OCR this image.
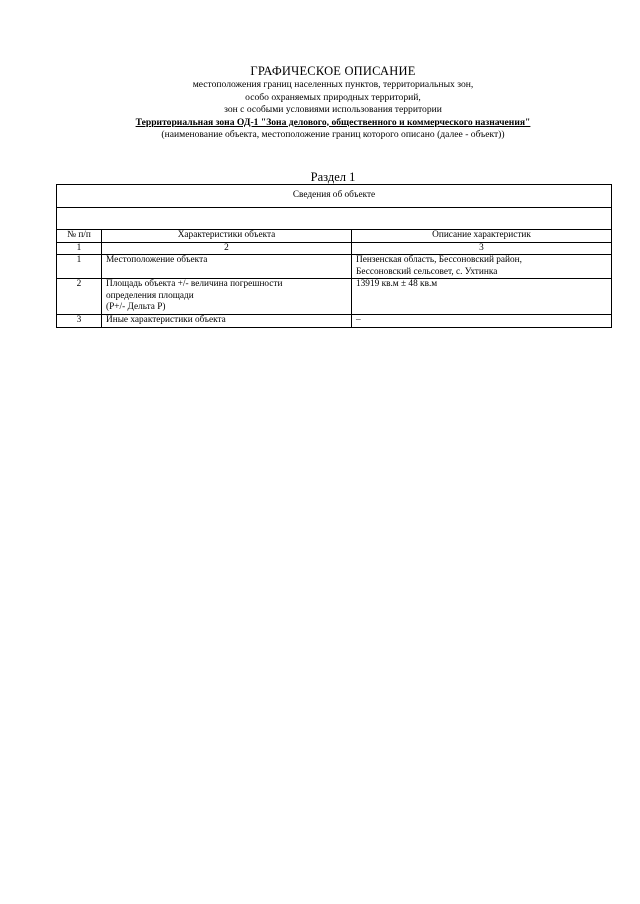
ГРАФИЧЕСКОЕ ОПИСАНИЕ
местоположения границ населенных пунктов, территориальных зон,
особо охраняемых природных территорий,
зон с особыми условиями использования территории
Территориальная зона ОД-1 "Зона делового, общественного и коммерческого назначения"
(наименование объекта, местоположение границ которого описано (далее - объект))
Раздел 1
Сведения об объекте		

№ п/п	Характеристики объекта	Описание характеристик
1	2	3
1	Местоположение объекта	Пензенская область, Бессоновский район,
Бессоновский сельсовет, с. Ухтинка

2	Площадь объекта +/- величина погрешности
определения площади
(P+/- Дельта P)	13919 кв.м ± 48 кв.м

3	Иные характеристики объекта	–
